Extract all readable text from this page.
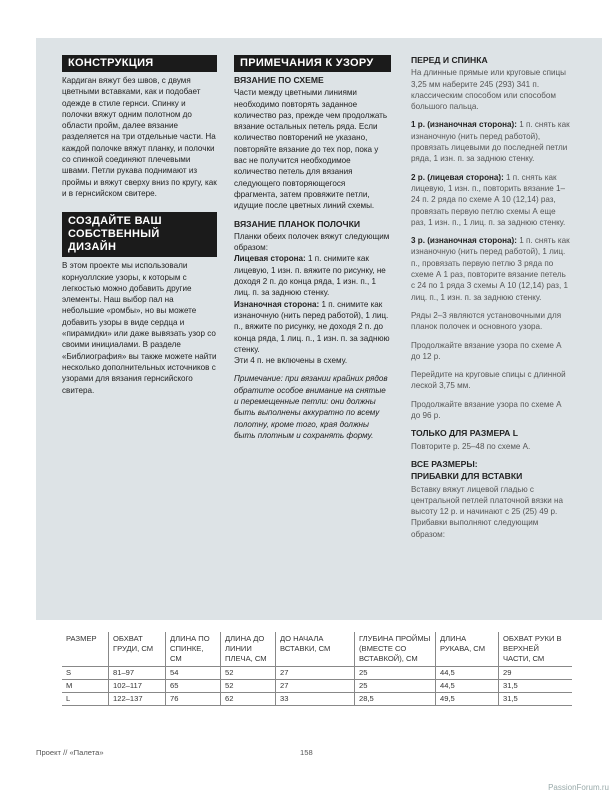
КОНСТРУКЦИЯ

Кардиган вяжут без швов, с двумя цветными вставками, как и подобает одежде в стиле гернси. Спинку и полочки вяжут одним полотном до области пройм, далее вязание разделяется на три отдельные части. На каждой полочке вяжут планку, и полочки со спинкой соединяют плечевыми швами. Петли рукава поднимают из проймы и вяжут сверху вниз по кругу, как и в гернсийском свитере.

СОЗДАЙТЕ ВАШ
СОБСТВЕННЫЙ ДИЗАЙН

В этом проекте мы использовали корнуоллские узоры, к которым с легкостью можно добавить другие элементы. Наш выбор пал на небольшие «ромбы», но вы можете добавить узоры в виде сердца и «пирамидки» или даже вывязать узор со своими инициалами. В разделе «Библиография» вы также можете найти несколько дополнительных источников с узорами для вязания гернсийского свитера.

ПРИМЕЧАНИЯ К УЗОРУ
ВЯЗАНИЕ ПО СХЕМЕ

Части между цветными линиями необходимо повторять заданное количество раз, прежде чем продолжать вязание остальных петель ряда. Если количество повторений не указано, повторяйте вязание до тех пор, пока у вас не получится необходимое количество петель для вязания следующего повторяющегося фрагмента, затем провяжите петли, идущие после цветных линий схемы.

ВЯЗАНИЕ ПЛАНОК ПОЛОЧКИ
Планки обеих полочек вяжут следующим образом:
Лицевая сторона: 1 п. снимите как лицевую, 1 изн. п. вяжите по рисунку, не доходя 2 п. до конца ряда, 1 изн. п., 1 лиц. п. за заднюю стенку.
Изнаночная сторона: 1 п. снимите как изнаночную (нить перед работой), 1 лиц. п., вяжите по рисунку, не доходя 2 п. до конца ряда, 1 лиц. п., 1 изн. п. за заднюю стенку.

Эти 4 п. не включены в схему.

Примечание: при вязании крайних рядов обратите особое внимание на снятые и перемещенные петли: они должны быть выполнены аккуратно по всему полотну, кроме того, края должны быть плотным и сохранять форму.

ПЕРЕД И СПИНКА

На длинные прямые или круговые спицы 3,25 мм наберите 245 (293) 341 п. классическим способом или способом большого пальца.

1 р. (изнаночная сторона): 1 п. снять как изнаночную (нить перед работой), провязать лицевыми до последней петли ряда, 1 изн. п. за заднюю стенку.

2 р. (лицевая сторона): 1 п. снять как лицевую, 1 изн. п., повторить вязание 1–24 п. 2 ряда по схеме А 10 (12,14) раз, провязать первую петлю схемы А еще раз, 1 изн. п., 1 лиц. п. за заднюю стенку.

3 р. (изнаночная сторона): 1 п. снять как изнаночную (нить перед работой), 1 лиц. п., провязать первую петлю 3 ряда по схеме А 1 раз, повторите вязание петель с 24 по 1 ряда 3 схемы А 10 (12,14) раз, 1 лиц. п., 1 изн. п. за заднюю стенку.

Ряды 2–3 являются установочными для планок полочек и основного узора.

Продолжайте вязание узора по схеме А до 12 р.

Перейдите на круговые спицы с длинной леской 3,75 мм.

Продолжайте вязание узора по схеме А до 96 р.

ТОЛЬКО ДЛЯ РАЗМЕРА L

Повторите р. 25–48 по схеме А.

ВСЕ РАЗМЕРЫ:
ПРИБАВКИ ДЛЯ ВСТАВКИ

Вставку вяжут лицевой гладью с центральной петлей платочной вязки на высоту 12 р. и начинают с 25 (25) 49 р. Прибавки выполняют следующим образом:

РАЗМЕР	ОБХВАТ ГРУДИ, СМ	ДЛИНА ПО СПИНКЕ, СМ	ДЛИНА ДО ЛИНИИ ПЛЕЧА, СМ	ДО НАЧАЛА ВСТАВКИ, СМ	ГЛУБИНА ПРОЙМЫ (ВМЕСТЕ СО ВСТАВКОЙ), СМ	ДЛИНА РУКАВА, СМ	ОБХВАТ РУКИ В ВЕРХНЕЙ ЧАСТИ, СМ
S	81–97	54	52	27	25	44,5	29
M	102–117	65	52	27	25	44,5	31,5
L	122–137	76	62	33	28,5	49,5	31,5
Проект // «Палета»	158
PassionForum.ru
